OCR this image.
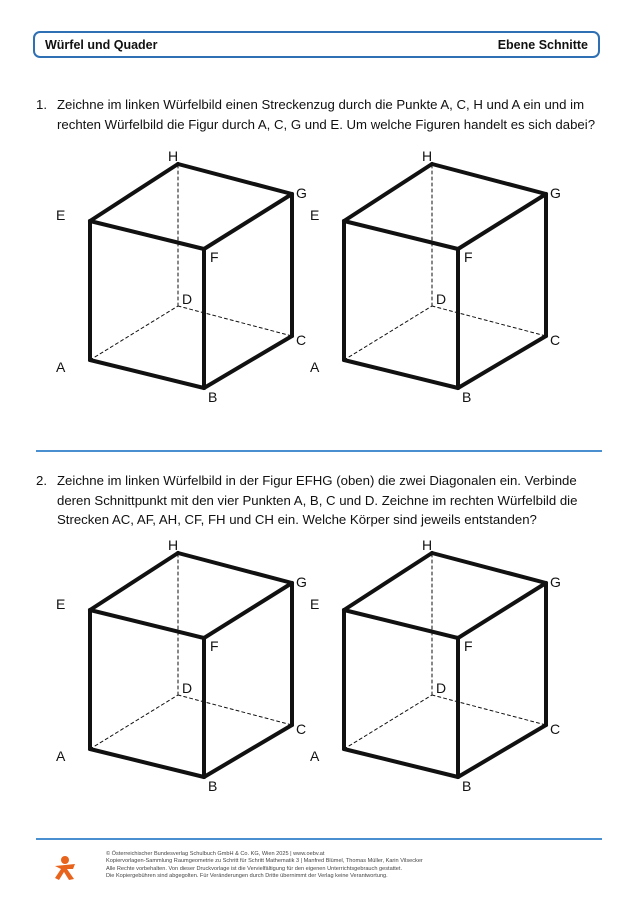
Würfel und Quader	Ebene Schnitte
1. Zeichne im linken Würfelbild einen Streckenzug durch die Punkte A, C, H und A ein und im rechten Würfelbild die Figur durch A, C, G und E. Um welche Figuren handelt es sich dabei?
2. Zeichne im linken Würfelbild in der Figur EFHG (oben) die zwei Diagonalen ein. Verbinde deren Schnittpunkt mit den vier Punkten A, B, C und D. Zeichne im rechten Würfelbild die Strecken AC, AF, AH, CF, FH und CH ein. Welche Körper sind jeweils entstanden?
A
B
C
D
E
F
G
H
A
B
C
D
E
F
G
H
A
B
C
D
E
F
G
H
A
B
C
D
E
F
G
H
© Österreichischer Bundesverlag Schulbuch GmbH & Co. KG, Wien 2025 | www.oebv.at
Kopiervorlagen-Sammlung Raumgeometrie zu Schritt für Schritt Mathematik 3 | Manfred Blümel, Thomas Müller, Karin Vilsecker
Alle Rechte vorbehalten. Von dieser Druckvorlage ist die Vervielfältigung für den eigenen Unterrichtsgebrauch gestattet.
Die Kopiergebühren sind abgegolten. Für Veränderungen durch Dritte übernimmt der Verlag keine Verantwortung.
